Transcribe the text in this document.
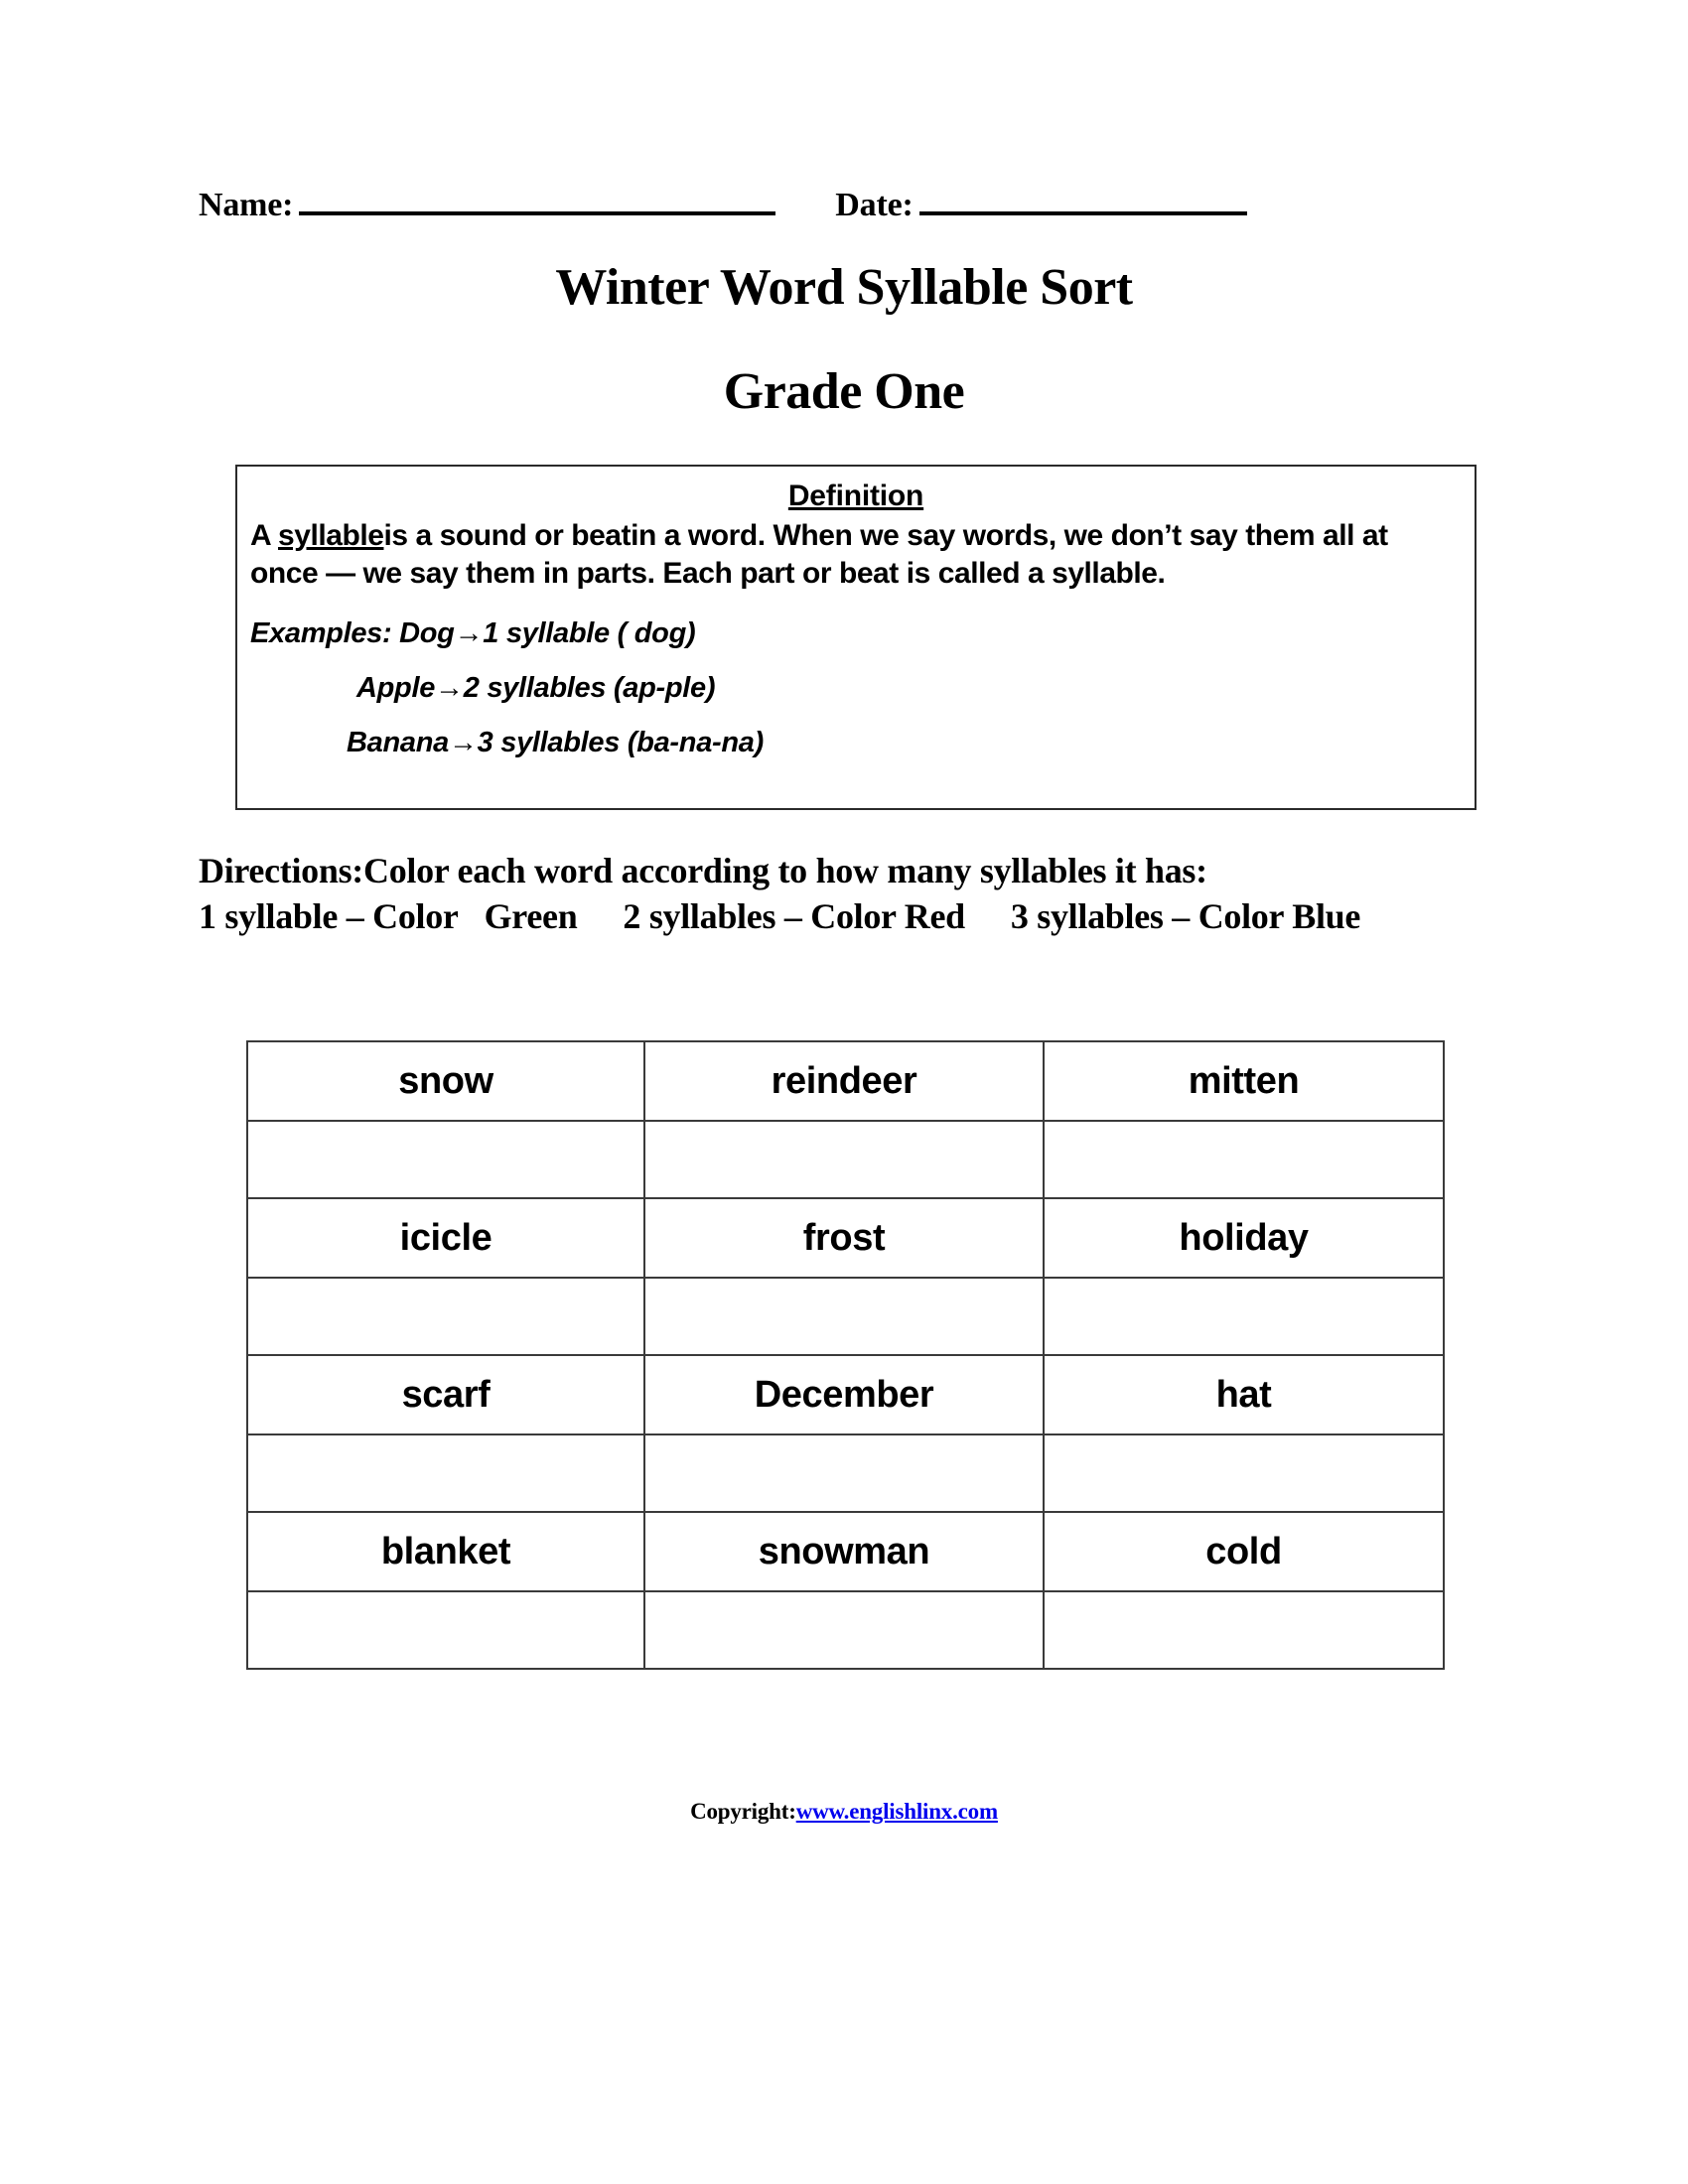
Name:	Date:
Winter Word Syllable Sort
Grade One
Definition
A syllableis a sound or beatin a word. When we say words, we don’t say them all at once — we say them in parts. Each part or beat is called a syllable.
Examples: Dog→1 syllable ( dog)
Apple→2 syllables (ap-ple)
Banana→3 syllables (ba-na-na)
Directions:Color each word according to how many syllables it has:
1 syllable – Color Green 2 syllables – Color Red 3 syllables – Color Blue
snow	reindeer	mitten

icicle	frost	holiday

scarf	December	hat

blanket	snowman	cold

Copyright:www.englishlinx.com
